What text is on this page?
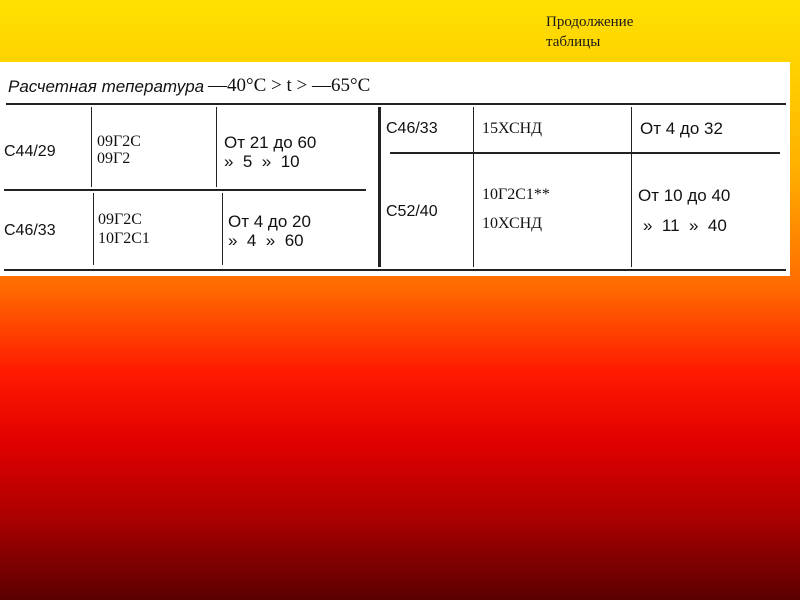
Продолжение
таблицы
Расчетная тепература —40°С > t > —65°С
С44/29
09Г2С
09Г2
От 21 до 60
»  5  »  10
С46/33
09Г2С
10Г2С1
От 4 до 20
»  4  »  60
С46/33	15ХСНД	От 4 до 32
С52/40
10Г2С1**
10ХСНД
От 10 до 40
»  11  »  40
